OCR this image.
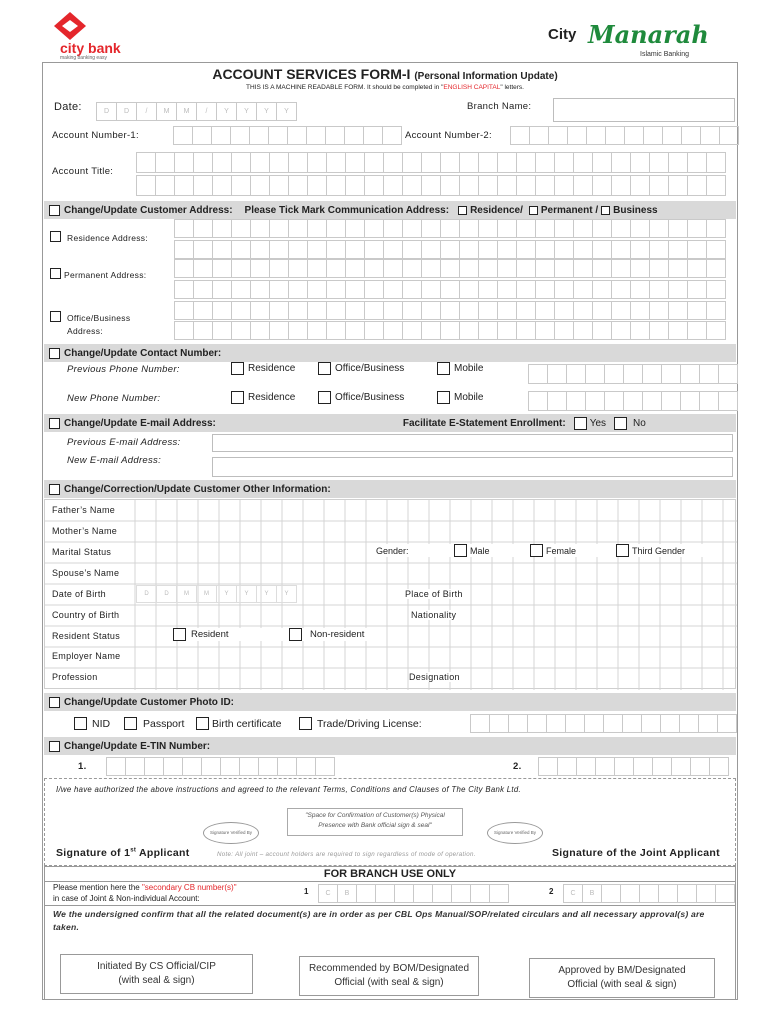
city bank
making banking easy
City Manarah
Islamic Banking
ACCOUNT SERVICES FORM-I (Personal Information Update)
THIS IS A MACHINE READABLE FORM. It should be completed in "ENGLISH CAPITAL" letters.
Date:	D	D	/	M	M	/	Y	Y	Y	Y	Branch Name:
Account Number-1:	Account Number-2:
Account Title:
Change/Update Customer Address: Please Tick Mark Communication Address: Residence/ Permanent / Business
Residence Address:
Permanent Address:
Office/Business
Address:
Change/Update Contact Number:
Previous Phone Number:	Residence	Office/Business	Mobile
New Phone Number:	Residence	Office/Business	Mobile
Change/Update E-mail Address:	Facilitate E-Statement Enrollment: Yes	No
Previous E-mail Address:
New E-mail Address:
Change/Correction/Update Customer Other Information:
Father’s Name
Mother’s Name
Marital Status	Gender:	Male	Female	Third Gender
Spouse’s Name
Date of Birth	D	D	M	M	Y	Y	Y	Y	Place of Birth
Country of Birth	Nationality
Resident Status	Resident	Non-resident
Employer Name
Profession	Designation
Change/Update Customer Photo ID:
NID	Passport	Birth certificate	Trade/Driving License:
Change/Update E-TIN Number:
1.	2.
I/we have authorized the above instructions and agreed to the relevant Terms, Conditions and Clauses of The City Bank Ltd.
"Space for Confirmation of Customer(s) Physical Presence with Bank official sign & seal"
Signature Verified By	Signature Verified By
Signature of 1st Applicant	Note: All joint – account holders are required to sign regardless of mode of operation.	Signature of the Joint Applicant
FOR BRANCH USE ONLY
Please mention here the "secondary CB number(s)"
in case of Joint & Non-individual Account:
1	C	B	2	C	B
We the undersigned confirm that all the related document(s) are in order as per CBL Ops Manual/SOP/related circulars and all necessary approval(s) are taken.
Initiated By CS Official/CIP
(with seal & sign)
Recommended by BOM/Designated
Official (with seal & sign)
Approved by BM/Designated
Official (with seal & sign)
